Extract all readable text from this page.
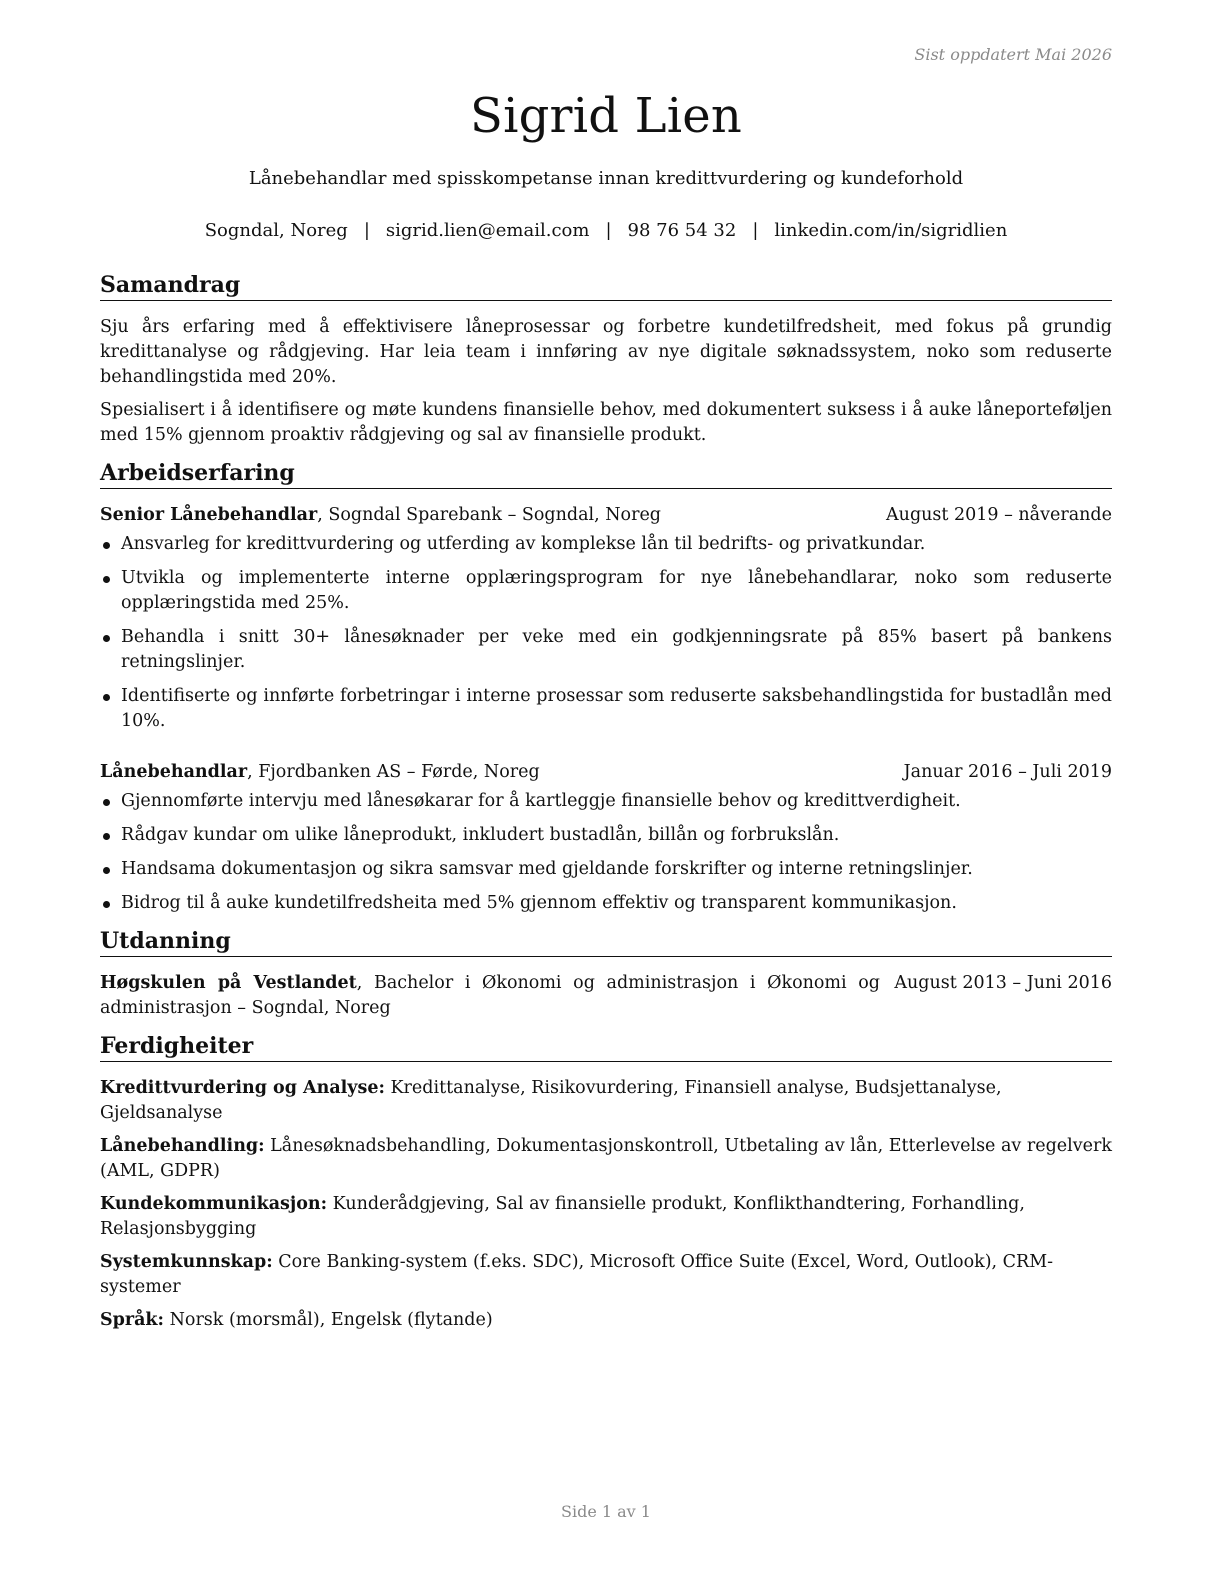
Sist oppdatert Mai 2026
Sigrid Lien
Lånebehandlar med spisskompetanse innan kredittvurdering og kundeforhold
Sogndal, Noreg | sigrid.lien@email.com | 98 76 54 32 | linkedin.com/in/sigridlien
Samandrag

Sju års erfaring med å effektivisere låneprosessar og forbetre kundetilfredsheit, med fokus på grundig kredittanalyse og rådgjeving. Har leia team i innføring av nye digitale søknadssystem, noko som reduserte behandlingstida med 20%.

Spesialisert i å identifisere og møte kundens finansielle behov, med dokumentert suksess i å auke låneporteføljen med 15% gjennom proaktiv rådgjeving og sal av finansielle produkt.

Arbeidserfaring
Senior Lånebehandlar, Sogndal Sparebank – Sogndal, Noreg	August 2019 – nåverande
Ansvarleg for kredittvurdering og utferding av komplekse lån til bedrifts- og privatkundar.
Utvikla og implementerte interne opplæringsprogram for nye lånebehandlarar, noko som reduserte opplæringstida med 25%.
Behandla i snitt 30+ lånesøknader per veke med ein godkjenningsrate på 85% basert på bankens retningslinjer.
Identifiserte og innførte forbetringar i interne prosessar som reduserte saksbehandlingstida for bustadlån med 10%.
Lånebehandlar, Fjordbanken AS – Førde, Noreg	Januar 2016 – Juli 2019
Gjennomførte intervju med lånesøkarar for å kartleggje finansielle behov og kredittverdigheit.
Rådgav kundar om ulike låneprodukt, inkludert bustadlån, billån og forbrukslån.
Handsama dokumentasjon og sikra samsvar med gjeldande forskrifter og interne retningslinjer.
Bidrog til å auke kundetilfredsheita med 5% gjennom effektiv og transparent kommunikasjon.
Utdanning
Høgskulen på Vestlandet, Bachelor i Økonomi og administrasjon i Økonomi og administrasjon – Sogndal, Noreg
August 2013 – Juni 2016
Ferdigheiter
Kredittvurdering og Analyse: Kredittanalyse, Risikovurdering, Finansiell analyse, Budsjettanalyse, Gjeldsanalyse
Lånebehandling: Lånesøknadsbehandling, Dokumentasjonskontroll, Utbetaling av lån, Etterlevelse av regelverk (AML, GDPR)
Kundekommunikasjon: Kunderådgjeving, Sal av finansielle produkt, Konflikthandtering, Forhandling, Relasjonsbygging
Systemkunnskap: Core Banking-system (f.eks. SDC), Microsoft Office Suite (Excel, Word, Outlook), CRM-systemer
Språk: Norsk (morsmål), Engelsk (flytande)
Side 1 av 1
